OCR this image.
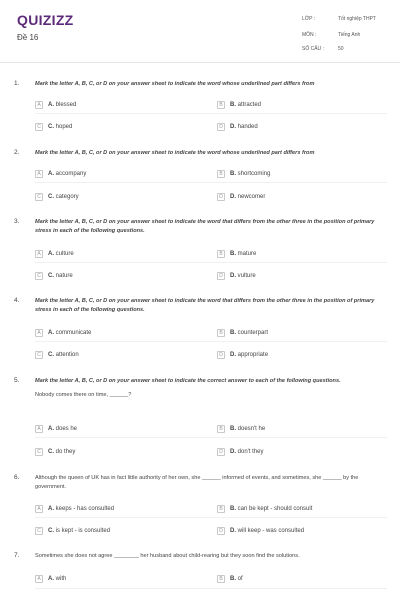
QUIZIZZ
Đề 16
LỚP :	Tốt nghiệp THPT
MÔN :	Tiếng Anh
SỐ CÂU :	50
1.	Mark the letter A, B, C, or D on your answer sheet to indicate the word whose underlined part differs from
A	A. blessed	B	B. attracted
C	C. hoped	D	D. handed
2.	Mark the letter A, B, C, or D on your answer sheet to indicate the word whose underlined part differs from
A	A. accompany	B	B. shortcoming
C	C. category	D	D. newcomer
3.	Mark the letter A, B, C, or D on your answer sheet to indicate the word that differs from the other three in the position of primary stress in each of the following questions.
A	A. culture	B	B. mature
C	C. nature	D	D. vulture
4.	Mark the letter A, B, C, or D on your answer sheet to indicate the word that differs from the other three in the position of primary stress in each of the following questions.
A	A. communicate	B	B. counterpart
C	C. attention	D	D. appropriate
5.	Mark the letter A, B, C, or D on your answer sheet to indicate the correct answer to each of the following questions.
Nobody comes there on time, ______?
A	A. does he	B	B. doesn't he
C	C. do they	D	D. don't they
6.	Although the queen of UK has in fact little authority of her own, she ______ informed of events, and sometimes, she ______ by the government.
A	A. keeps - has consulted	B	B. can be kept - should consult
C	C. is kept - is consulted	D	D. will keep - was consulted
7.	Sometimes she does not agree ________ her husband about child-rearing but they soon find the solutions.
A	A. with	B	B. of
